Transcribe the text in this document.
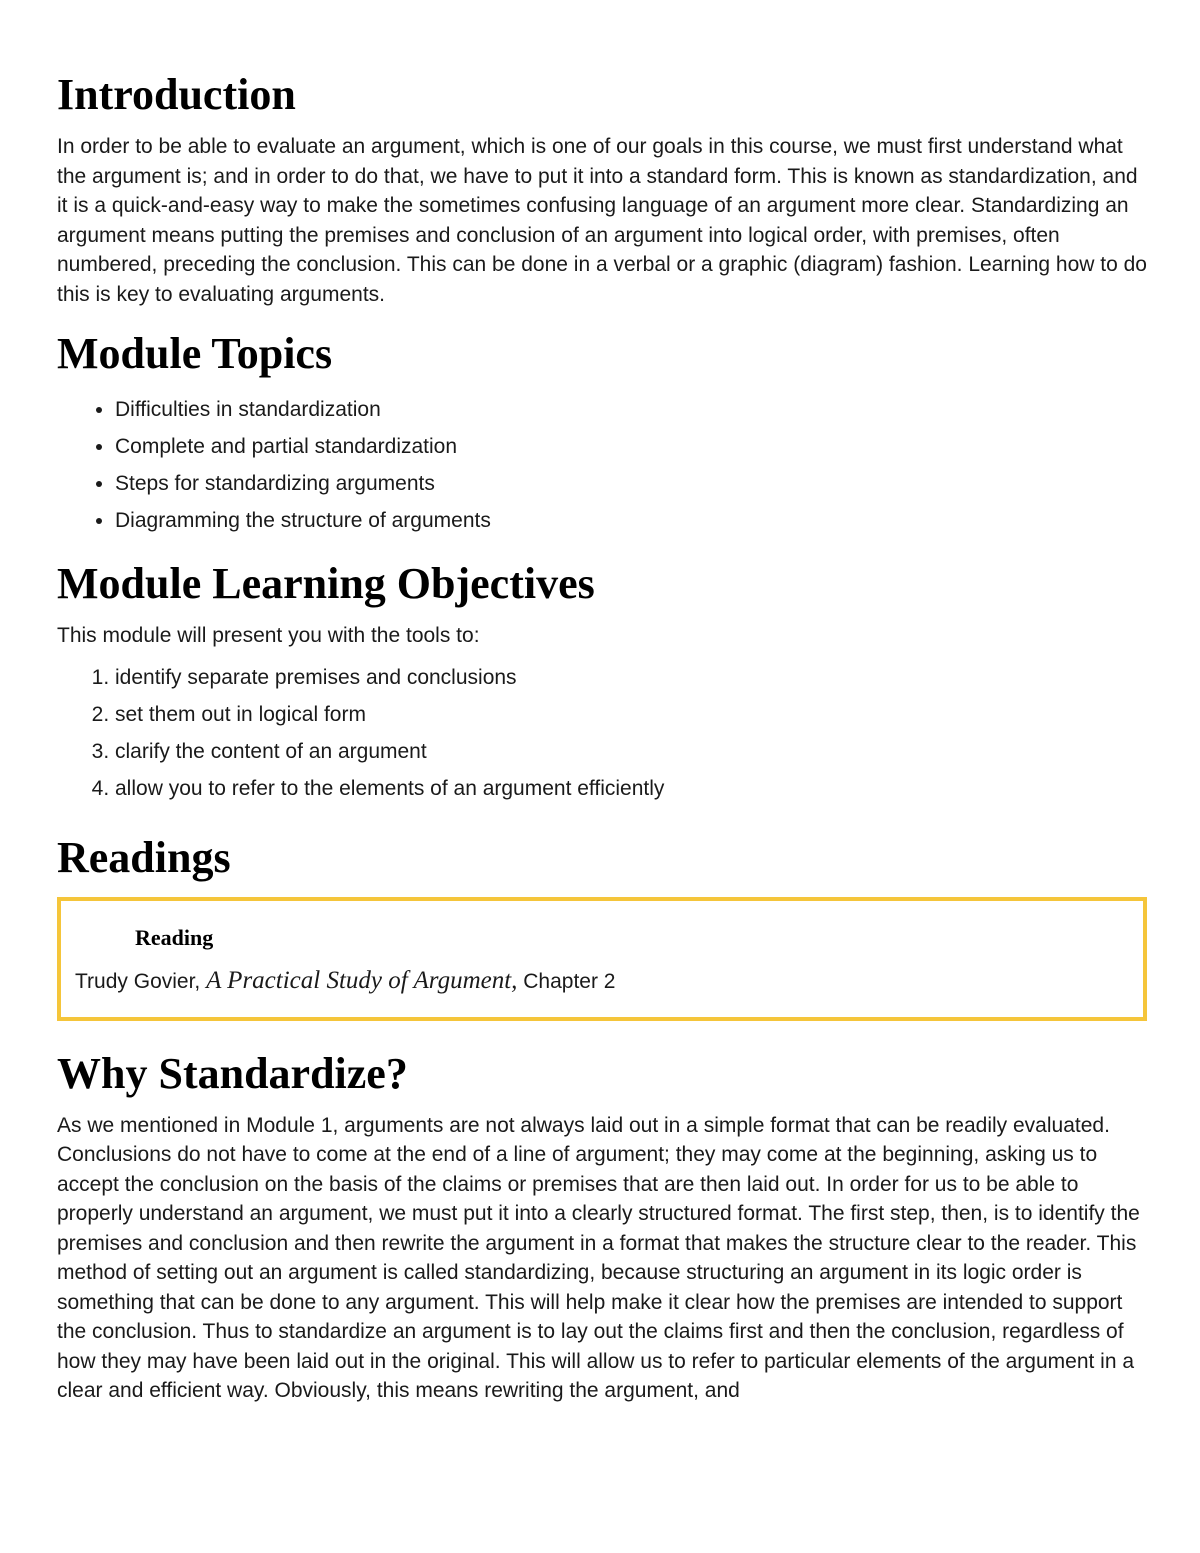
Introduction

In order to be able to evaluate an argument, which is one of our goals in this course, we must first understand what the argument is; and in order to do that, we have to put it into a standard form. This is known as standardization, and it is a quick-and-easy way to make the sometimes confusing language of an argument more clear. Standardizing an argument means putting the premises and conclusion of an argument into logical order, with premises, often numbered, preceding the conclusion. This can be done in a verbal or a graphic (diagram) fashion. Learning how to do this is key to evaluating arguments.

Module Topics
• Difficulties in standardization
• Complete and partial standardization
• Steps for standardizing arguments
• Diagramming the structure of arguments
Module Learning Objectives

This module will present you with the tools to:

1. identify separate premises and conclusions
2. set them out in logical form
3. clarify the content of an argument
4. allow you to refer to the elements of an argument efficiently
Readings
Reading
Trudy Govier, A Practical Study of Argument, Chapter 2
Why Standardize?

As we mentioned in Module 1, arguments are not always laid out in a simple format that can be readily evaluated. Conclusions do not have to come at the end of a line of argument; they may come at the beginning, asking us to accept the conclusion on the basis of the claims or premises that are then laid out. In order for us to be able to properly understand an argument, we must put it into a clearly structured format. The first step, then, is to identify the premises and conclusion and then rewrite the argument in a format that makes the structure clear to the reader. This method of setting out an argument is called standardizing, because structuring an argument in its logic order is something that can be done to any argument. This will help make it clear how the premises are intended to support the conclusion. Thus to standardize an argument is to lay out the claims first and then the conclusion, regardless of how they may have been laid out in the original. This will allow us to refer to particular elements of the argument in a clear and efficient way. Obviously, this means rewriting the argument, and
